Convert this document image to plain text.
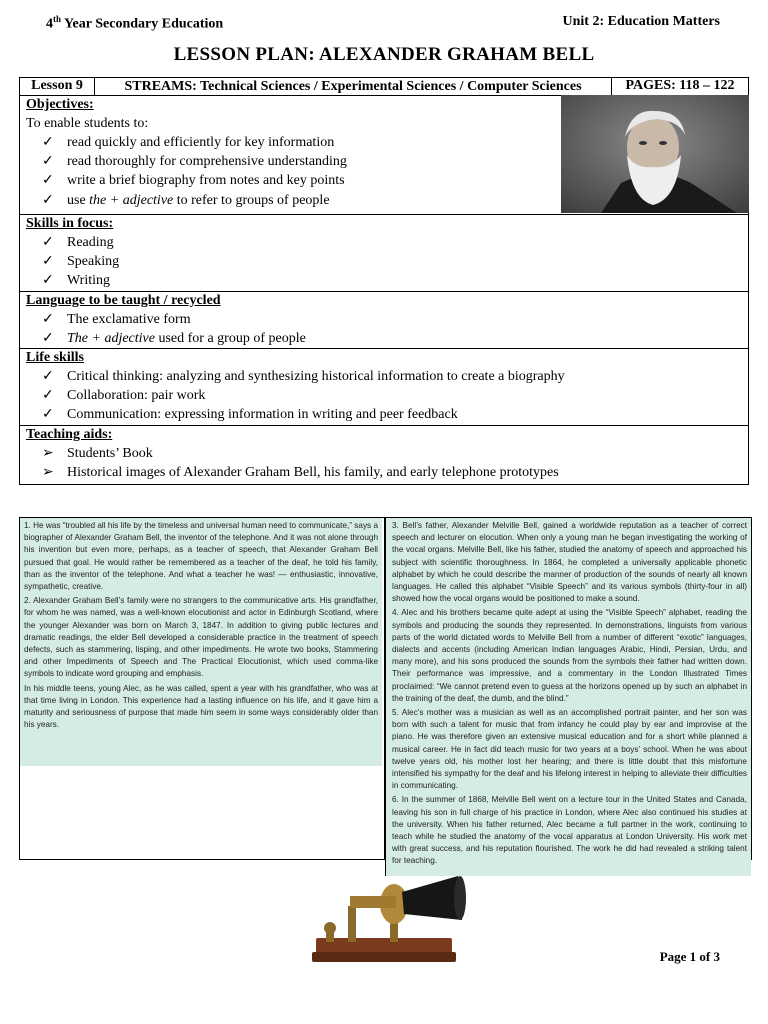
4th Year Secondary Education	Unit 2: Education Matters
LESSON PLAN: ALEXANDER GRAHAM BELL
Lesson 9	STREAMS: Technical Sciences / Experimental Sciences / Computer Sciences	PAGES: 118 – 122

Objectives:

To enable students to:

✓ read quickly and efficiently for key information
✓ read thoroughly for comprehensive understanding
✓ write a brief biography from notes and key points
✓ use the + adjective to refer to groups of people

Skills in focus:
✓ Reading
✓ Speaking
✓ Writing

Language to be taught / recycled
✓ The exclamative form
✓ The + adjective used for a group of people

Life skills
✓ Critical thinking: analyzing and synthesizing historical information to create a biography
✓ Collaboration: pair work
✓ Communication: expressing information in writing and peer feedback

Teaching aids:
➢ Students’ Book
➢ Historical images of Alexander Graham Bell, his family, and early telephone prototypes

1. He was “troubled all his life by the timeless and universal human need to communicate,” says a biographer of Alexander Graham Bell, the inventor of the telephone. And it was not alone through his invention but even more, perhaps, as a teacher of speech, that Alexander Graham Bell pursued that goal. He would rather be remembered as a teacher of the deaf, he told his family, than as the inventor of the telephone. And what a teacher he was! — enthusiastic, innovative, sympathetic, creative.

2. Alexander Graham Bell’s family were no strangers to the communicative arts. His grandfather, for whom he was named, was a well-known elocutionist and actor in Edinburgh Scotland, where the younger Alexander was born on March 3, 1847. In addition to giving public lectures and dramatic readings, the elder Bell developed a considerable practice in the treatment of speech defects, such as stammering, lisping, and other impediments. He wrote two books, Stammering and other Impediments of Speech and The Practical Elocutionist, which used comma-like symbols to indicate word grouping and emphasis.

In his middle teens, young Alec, as he was called, spent a year with his grandfather, who was at that time living in London. This experience had a lasting influence on his life, and it gave him a maturity and seriousness of purpose that made him seem in some ways considerably older than his years.

3. Bell’s father, Alexander Melville Bell, gained a worldwide reputation as a teacher of correct speech and lecturer on elocution. When only a young man he began investigating the working of the vocal organs. Melville Bell, like his father, studied the anatomy of speech and approached his subject with scientific thoroughness. In 1864, he completed a universally applicable phonetic alphabet by which he could describe the manner of production of the sounds of nearly all known languages. He called this alphabet “Visible Speech” and its various symbols (thirty-four in all) showed how the vocal organs would be positioned to make a sound.

4. Alec and his brothers became quite adept at using the “Visible Speech” alphabet, reading the symbols and producing the sounds they represented. In demonstrations, linguists from various parts of the world dictated words to Melville Bell from a number of different “exotic” languages, dialects and accents (including American Indian languages Arabic, Hindi, Persian, Urdu, and many more), and his sons produced the sounds from the symbols their father had written down. Their performance was impressive, and a commentary in the London Illustrated Times proclaimed: “We cannot pretend even to guess at the horizons opened up by such an alphabet in the training of the deaf, the dumb, and the blind.”

5. Alec’s mother was a musician as well as an accomplished portrait painter, and her son was born with such a talent for music that from infancy he could play by ear and improvise at the piano. He was therefore given an extensive musical education and for a short while planned a musical career. He in fact did teach music for two years at a boys’ school. When he was about twelve years old, his mother lost her hearing; and there is little doubt that this misfortune intensified his sympathy for the deaf and his lifelong interest in helping to alleviate their difficulties in communicating.

6. In the summer of 1868, Melville Bell went on a lecture tour in the United States and Canada, leaving his son in full charge of his practice in London, where Alec also continued his studies at the university. When his father returned, Alec became a full partner in the work, continuing to teach while he studied the anatomy of the vocal apparatus at London University. His work met with great success, and his reputation flourished. The work he did had revealed a striking talent for teaching.

Page 1 of 3
